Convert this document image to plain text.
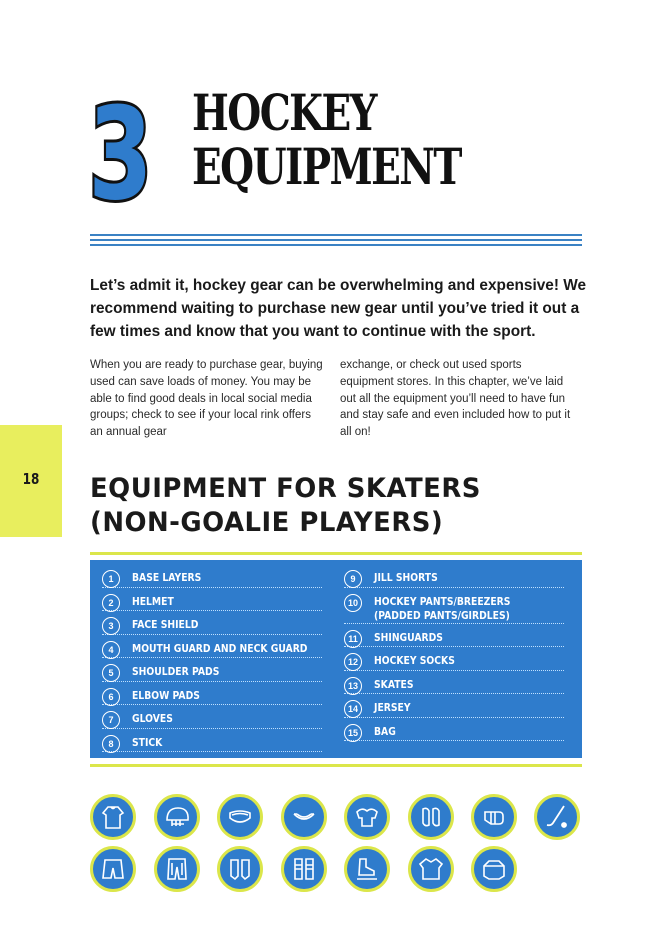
3 HOCKEY
EQUIPMENT

Let’s admit it, hockey gear can be overwhelming and expensive! We recommend waiting to purchase new gear until you’ve tried it out a few times and know that you want to continue with the sport.

When you are ready to purchase gear, buying used can save loads of money. You may be able to find good deals in local social media groups; check to see if your local rink offers an annual gear
exchange, or check out used sports equipment stores. In this chapter, we’ve laid out all the equipment you’ll need to have fun and stay safe and even included how to put it all on!
18	EQUIPMENT FOR SKATERS
(NON-GOALIE PLAYERS)
1	BASE LAYERS
2	HELMET
3	FACE SHIELD
4	MOUTH GUARD AND NECK GUARD
5	SHOULDER PADS
6	ELBOW PADS
7	GLOVES
8	STICK
9	JILL SHORTS
10	HOCKEY PANTS/BREEZERS
(PADDED PANTS/GIRDLES)
11	SHINGUARDS
12	HOCKEY SOCKS
13	SKATES
14	JERSEY
15	BAG
